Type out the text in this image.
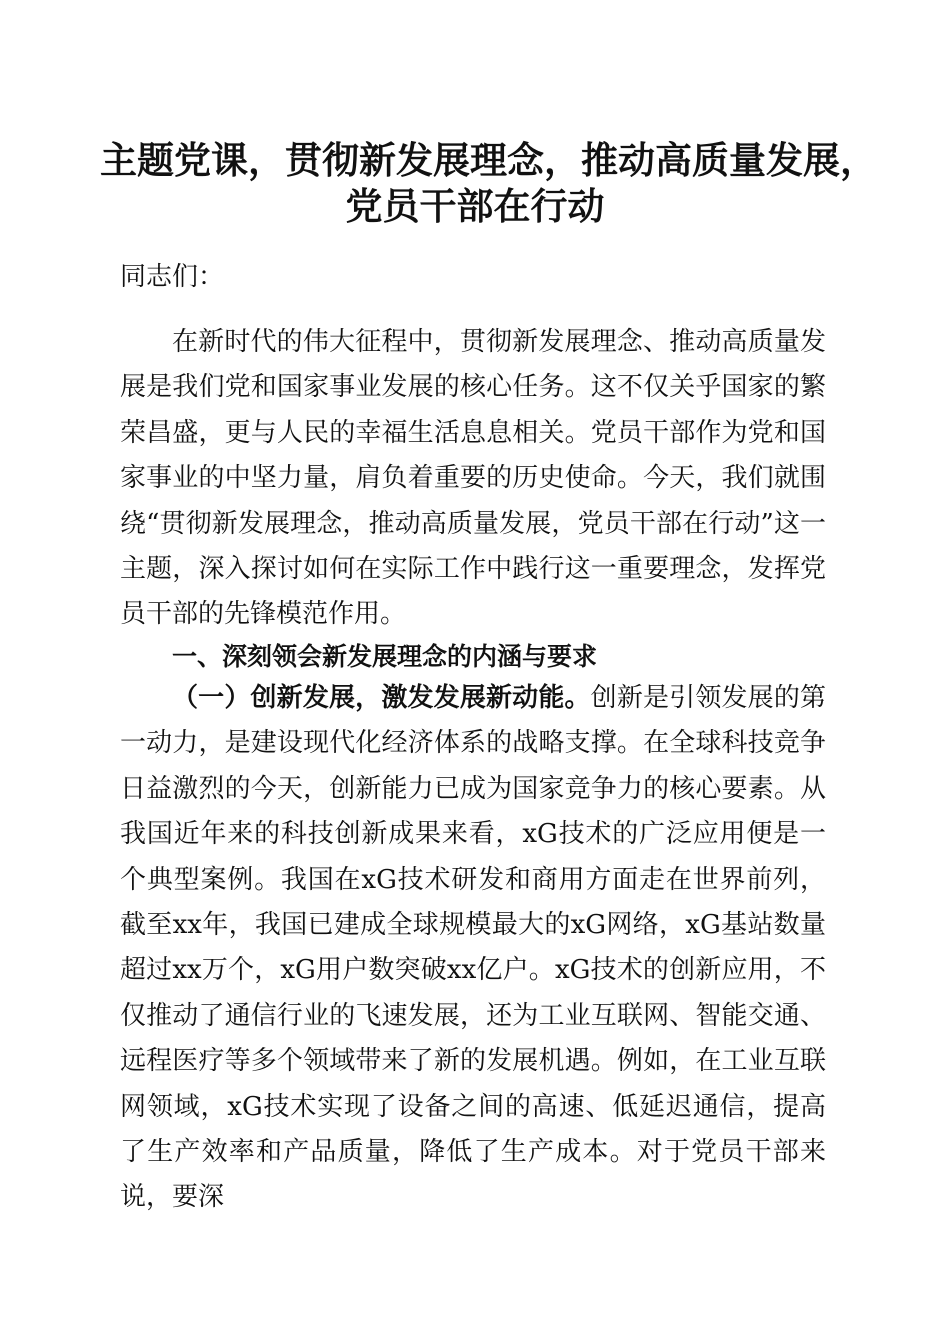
主题党课，贯彻新发展理念，推动高质量发展，
党员干部在行动
同志们：

在新时代的伟大征程中，贯彻新发展理念、推动高质量发展是我们党和国家事业发展的核心任务。这不仅关乎国家的繁荣昌盛，更与人民的幸福生活息息相关。党员干部作为党和国家事业的中坚力量，肩负着重要的历史使命。今天，我们就围绕“贯彻新发展理念，推动高质量发展，党员干部在行动”这一主题，深入探讨如何在实际工作中践行这一重要理念，发挥党员干部的先锋模范作用。

一、深刻领会新发展理念的内涵与要求

（一）创新发展，激发发展新动能。创新是引领发展的第一动力，是建设现代化经济体系的战略支撑。在全球科技竞争日益激烈的今天，创新能力已成为国家竞争力的核心要素。从我国近年来的科技创新成果来看，xG技术的广泛应用便是一个典型案例。我国在xG技术研发和商用方面走在世界前列，截至xx年，我国已建成全球规模最大的xG网络，xG基站数量超过xx万个，xG用户数突破xx亿户。xG技术的创新应用，不仅推动了通信行业的飞速发展，还为工业互联网、智能交通、远程医疗等多个领域带来了新的发展机遇。例如，在工业互联网领域，xG技术实现了设备之间的高速、低延迟通信，提高了生产效率和产品质量，降低了生产成本。对于党员干部来说，要深
